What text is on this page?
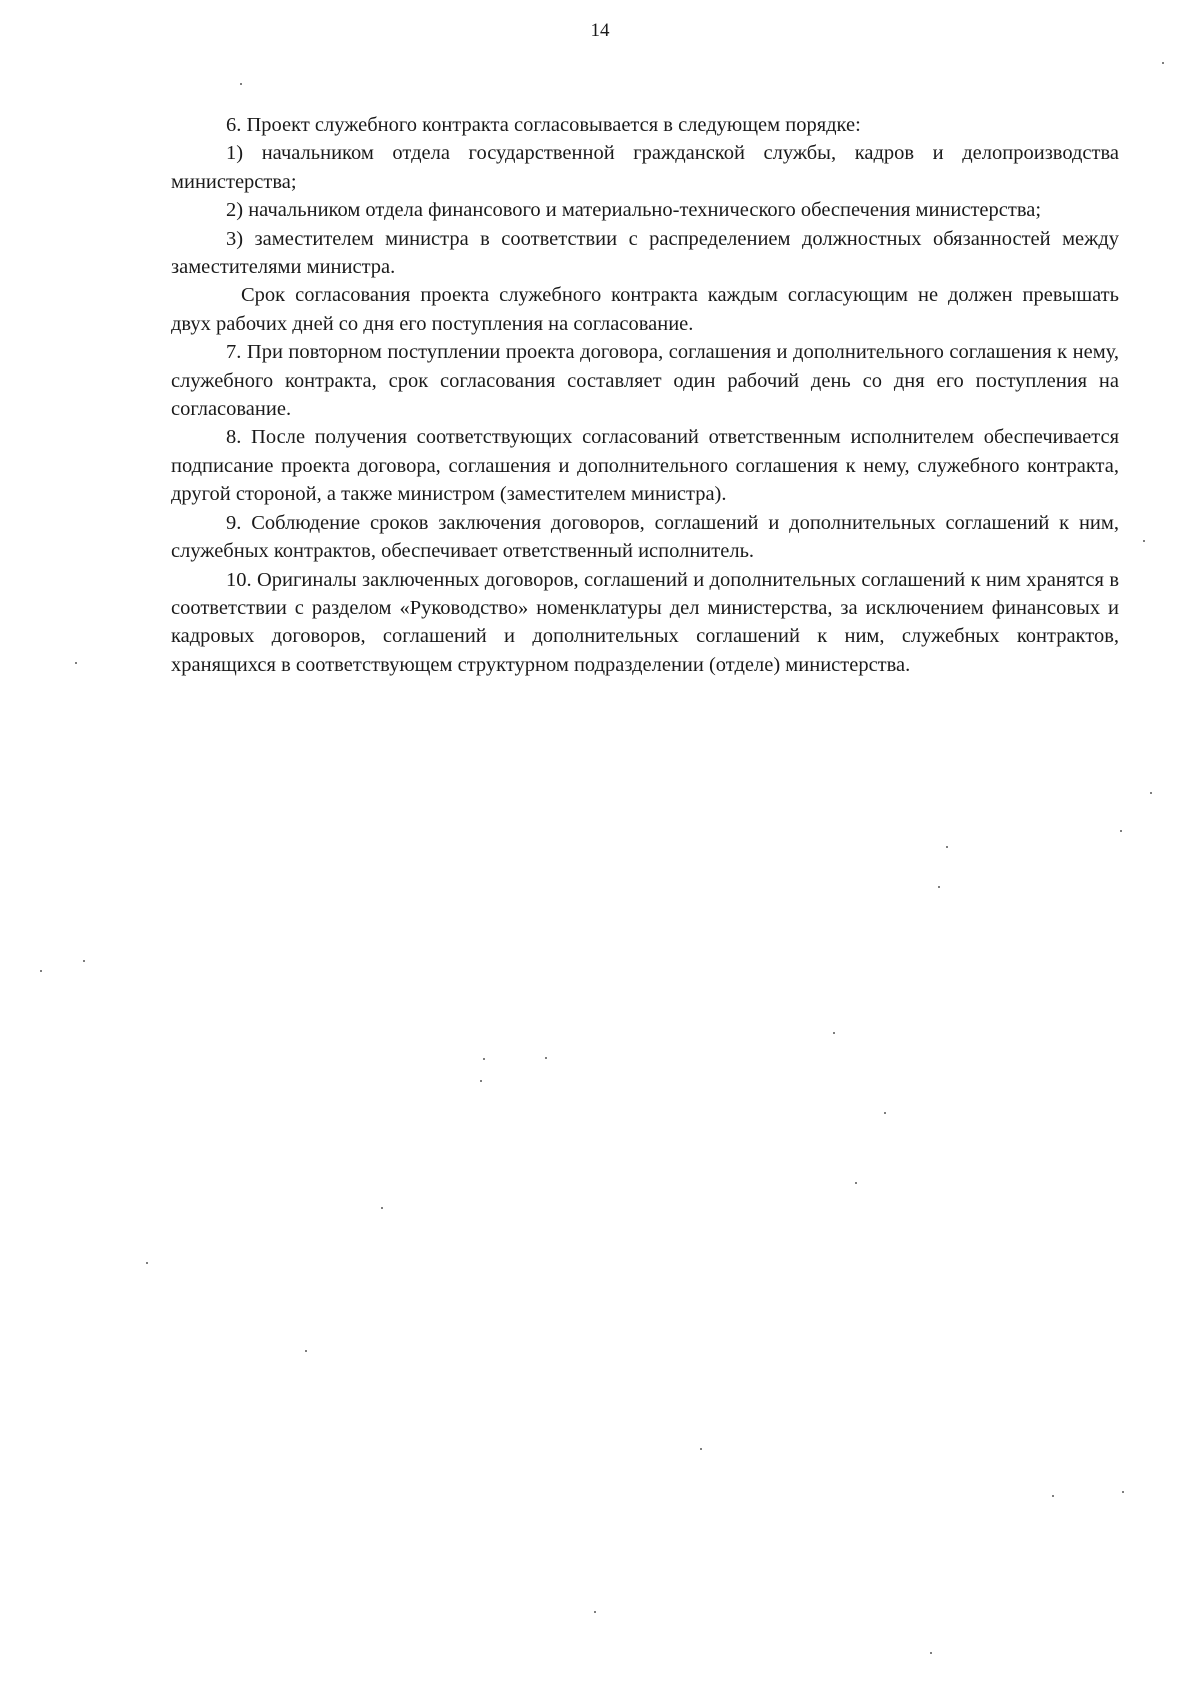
14

6. Проект служебного контракта согласовывается в следующем порядке:

1) начальником отдела государственной гражданской службы, кадров и делопроизводства министерства;

2) начальником отдела финансового и материально-технического обеспечения министерства;

3) заместителем министра в соответствии с распределением должностных обязанностей между заместителями министра.

Срок согласования проекта служебного контракта каждым согласующим не должен превышать двух рабочих дней со дня его поступления на согласование.

7. При повторном поступлении проекта договора, соглашения и дополнительного соглашения к нему, служебного контракта, срок согласования составляет один рабочий день со дня его поступления на согласование.

8. После получения соответствующих согласований ответственным исполнителем обеспечивается подписание проекта договора, соглашения и дополнительного соглашения к нему, служебного контракта, другой стороной, а также министром (заместителем министра).

9. Соблюдение сроков заключения договоров, соглашений и дополнительных соглашений к ним, служебных контрактов, обеспечивает ответственный исполнитель.

10. Оригиналы заключенных договоров, соглашений и дополнительных соглашений к ним хранятся в соответствии с разделом «Руководство» номенклатуры дел министерства, за исключением финансовых и кадровых договоров, соглашений и дополнительных соглашений к ним, служебных контрактов, хранящихся в соответствующем структурном подразделении (отделе) министерства.
